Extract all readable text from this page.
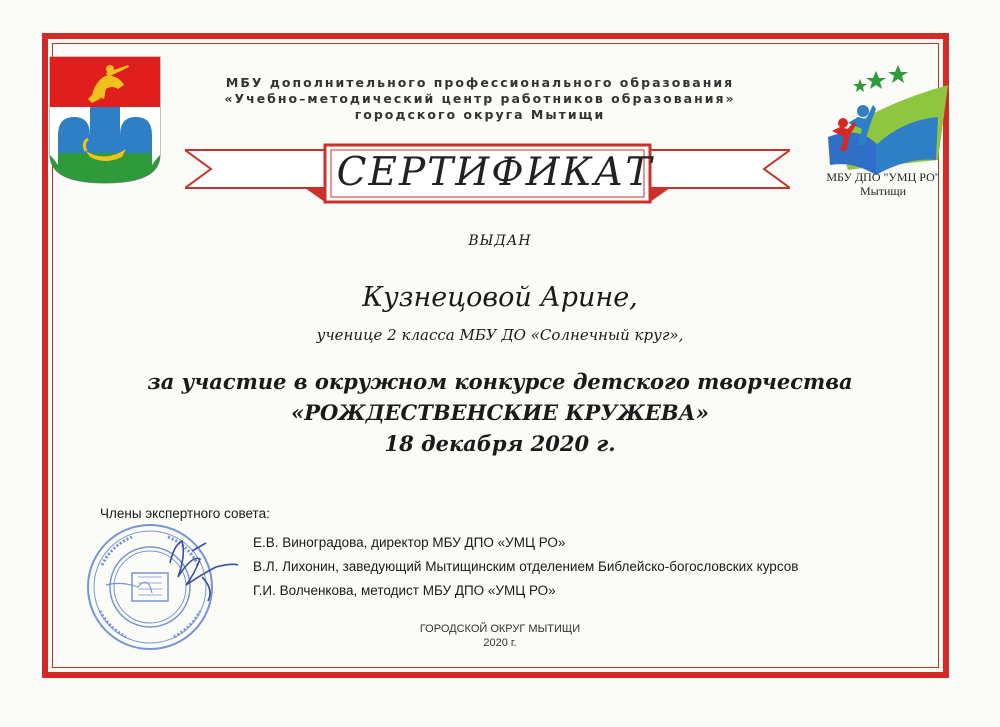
МБУ дополнительного профессионального образования
«Учебно–методический центр работников образования»
городского округа Мытищи
СЕРТИФИКАТ	МБУ ДПО "УМЦ РО"
Мытищи
ВЫДАН
Кузнецовой Арине,
ученице 2 класса МБУ ДО «Солнечный круг»,
за участие в окружном конкурсе детского творчества
«РОЖДЕСТВЕНСКИЕ КРУЖЕВА»
18 декабря 2020 г.
Члены экспертного совета:
Е.В. Виноградова, директор МБУ ДПО «УМЦ РО»
В.Л. Лихонин, заведующий Мытищинским отделением Библейско-богословских курсов
Г.И. Волченкова, методист МБУ ДПО «УМЦ РО»
ГОРОДСКОЙ ОКРУГ МЫТИЩИ
2020 г.
